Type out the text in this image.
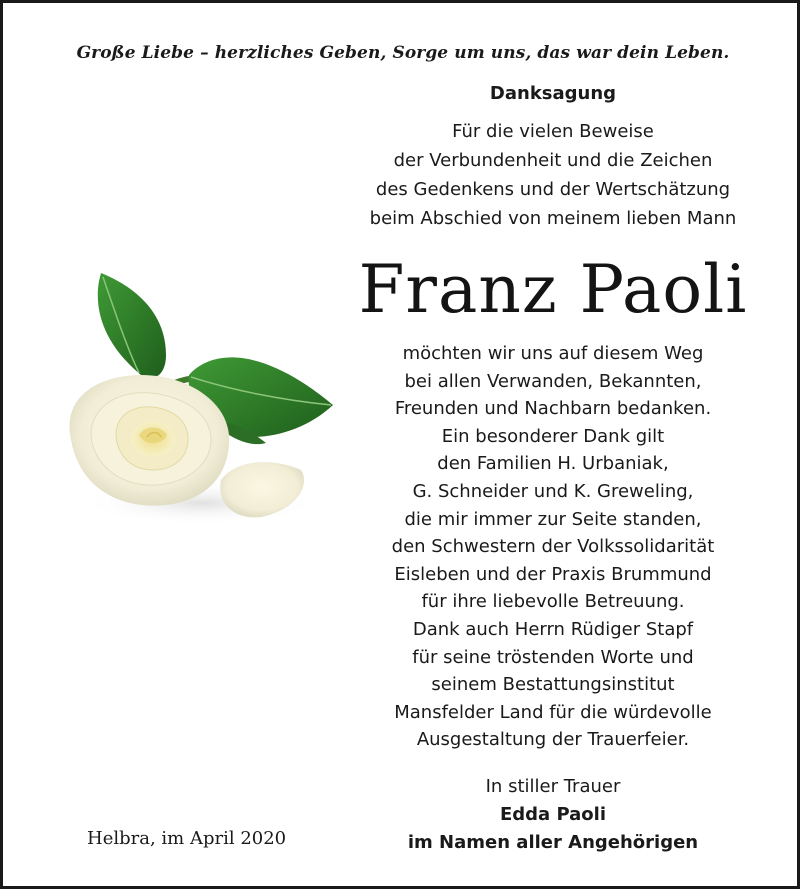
Große Liebe – herzliches Geben, Sorge um uns, das war dein Leben.
Danksagung
Für die vielen Beweise
der Verbundenheit und die Zeichen
des Gedenkens und der Wertschätzung
beim Abschied von meinem lieben Mann
Franz Paoli
möchten wir uns auf diesem Weg
bei allen Verwanden, Bekannten,
Freunden und Nachbarn bedanken.
Ein besonderer Dank gilt
den Familien H. Urbaniak,
G. Schneider und K. Greweling,
die mir immer zur Seite standen,
den Schwestern der Volkssolidarität
Eisleben und der Praxis Brummund
für ihre liebevolle Betreuung.
Dank auch Herrn Rüdiger Stapf
für seine tröstenden Worte und
seinem Bestattungsinstitut
Mansfelder Land für die würdevolle
Ausgestaltung der Trauerfeier.
In stiller Trauer
Edda Paoli
im Namen aller Angehörigen
Helbra, im April 2020
